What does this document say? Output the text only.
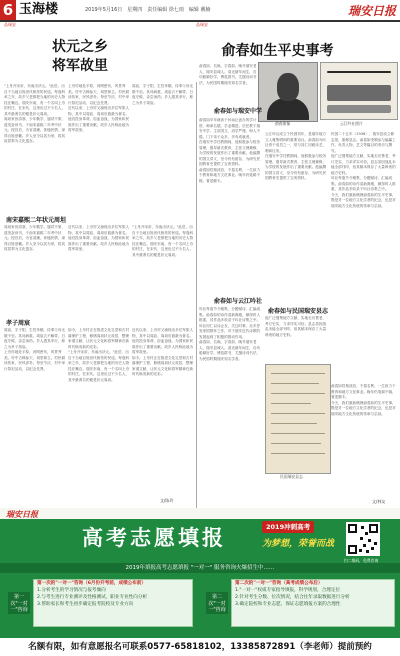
6 玉海楼	2019年5月16日　星期四　责任编辑 徐七雨　编辑 戴楠	瑞安日报
品瑞安	品瑞安
状元之乡
将军故里
俞春如生平史事考

"上舟开宋帝，东南出状元。"此语，出自于当地百姓世代相传的民谣。每逢科举之年，故乡父老都把当地的历史人物挂在嘴边。瑞安东南，有一个名叫上舟的村庄，在宋代，这里出过不少名人，其中最著名的便是状元周坦。

周坦家世清寒，少年勤学，屡试不第，遂发奋读书，于南宋嘉熙二年考中状元。授官后，为官清廉，体恤民情，深得百姓爱戴。乡人至今以其为荣，将其故居奉为文化遗存。

上舟村地处平原，河网密布，风景秀美。村中古樟参天，祠堂林立。村民耕读传家，民风淳朴。每至节庆，村中举行祭祀活动，以纪念先贤。

近代以来，上舟村又涌现出多位军旅人物，其中以周宸、周坦后裔最为著名。他们投身革命，浴血奋战，为国家和民族作出了重要贡献。故乡人民称此地为将军故里。

周宸，字子阳，生性孝顺，侍奉父母无微不至。其母病重，周宸衣不解带，日夜守候，亲尝汤药。乡人感其孝行，称之为孝子周宸。

南宋嘉熙二年状元周坦

周坦家世清寒，少年勤学，屡试不第，遂发奋读书，于南宋嘉熙二年考中状元。授官后，为官清廉，体恤民情，深得百姓爱戴。乡人至今以其为荣，将其故居奉为文化遗存。

近代以来，上舟村又涌现出多位军旅人物，其中以周宸、周坦后裔最为著名。他们投身革命，浴血奋战，为国家和民族作出了重要贡献。故乡人民称此地为将军故里。

"上舟开宋帝，东南出状元。"此语，出自于当地百姓世代相传的民谣。每逢科举之年，故乡父老都把当地的历史人物挂在嘴边。瑞安东南，有一个名叫上舟的村庄，在宋代，这里出过不少名人，其中最著名的便是状元周坦。

孝子周宸

周宸，字子阳，生性孝顺，侍奉父母无微不至。其母病重，周宸衣不解带，日夜守候，亲尝汤药。乡人感其孝行，称之为孝子周宸。

上舟村地处平原，河网密布，风景秀美。村中古樟参天，祠堂林立。村民耕读传家，民风淳朴。每至节庆，村中举行祭祀活动，以纪念先贤。

如今，上舟村正在推进文化礼堂和古村落保护工程，修缮周坦状元故居，整理家谱文献，让状元文化和将军精神在新时代焕发新的光彩。

"上舟开宋帝，东南出状元。"此语，出自于当地百姓世代相传的民谣。每逢科举之年，故乡父老都把当地的历史人物挂在嘴边。瑞安东南，有一个名叫上舟的村庄，在宋代，这里出过不少名人，其中最著名的便是状元周坦。

近代以来，上舟村又涌现出多位军旅人物，其中以周宸、周坦后裔最为著名。他们投身革命，浴血奋战，为国家和民族作出了重要贡献。故乡人民称此地为将军故里。

如今，上舟村正在推进文化礼堂和古村落保护工程，修缮周坦状元故居，整理家谱文献，让状元文化和将军精神在新时代焕发新的光彩。

文/陈玲

俞春如，名焕，字春如，晚号瑞安老人，瑞安县城人。清光绪年间生，自幼聪颖好学，博览群书，尤擅诗词书法，为民国时期瑞安知名学者。

俞春如像	云江吟社照片
俞春如与瑞安中学

俞春如早年就读于孙诒让创办的学计馆，师承名儒，学业精进。后任教于瑞安中学，主讲国文，治学严谨，诲人不倦，门下弟子众多，多有成就者。

在瑞安中学任教期间，他积极参与校务管理，倡导新式教育，主张文理兼修，为学校的发展作出了重要贡献。他编撰的国文讲义，至今仍有留存，为研究民国教育史提供了宝贵资料。

俞春如性格淡泊，不慕名利，一生致力于教育和地方文化事业。晚年仍笔耕不辍，著述颇丰。

云江吟社成立于民国初年，是瑞安地方文人雅集唱和的重要诗社。俞春如为吟社骨干成员之一，常与同仁切磋诗艺，唱和往来。

在瑞安中学任教期间，他积极参与校务管理，倡导新式教育，主张文理兼修，为学校的发展作出了重要贡献。他编撰的国文讲义，至今仍有留存，为研究民国教育史提供了宝贵资料。

民国二十五年（1936），瑞安县设立修志馆，重修县志。俞春如受聘参与编纂工作，负责人物、艺文等篇目的采访与撰写。

他广泛搜集地方文献，实地走访耆老，考订史实，力求详实可信。县志虽因战乱未能全部刊印，但其稿本保存了大量珍贵的地方史料。

吟社每逢节令雅集，分题赋诗，汇编成集。俞春如的诗作清新典雅，颇得时人推重，其作品多收录于吟社诗集之中。

今天，我们重新梳理俞春如的生平史事，既是对一位地方文化学者的纪念，也是对瑞安地方文化传统的传承与弘扬。

俞春如与云江吟社

吟社每逢节令雅集，分题赋诗，汇编成集。俞春如的诗作清新典雅，颇得时人推重，其作品多收录于吟社诗集之中。

吟社同仁以诗会友，关注时事，亦多抒发家国情怀之作，对于瑞安近代诗歌的发展起到了积极的推动作用。

俞春如，名焕，字春如，晚号瑞安老人，瑞安县城人。清光绪年间生，自幼聪颖好学，博览群书，尤擅诗词书法，为民国时期瑞安知名学者。

俞春如与民国瑞安县志

他广泛搜集地方文献，实地走访耆老，考订史实，力求详实可信。县志虽因战乱未能全部刊印，但其稿本保存了大量珍贵的地方史料。

民国瑞安县志

俞春如性格淡泊，不慕名利，一生致力于教育和地方文化事业。晚年仍笔耕不辍，著述颇丰。

今天，我们重新梳理俞春如的生平史事，既是对一位地方文化学者的纪念，也是对瑞安地方文化传统的传承与弘扬。

文/林友
瑞安日报
高考志愿填报	2019冲刺高考
为梦想，荣誉而战
扫二维码，免费咨询
2019年填报高考志愿填报 "一对一" 服务咨询火爆招生中……
第一次"一对一"咨询
第一次的"一对一"咨询（6月份开考前，成绩公布前）
1.分析考生的学习情况与报考倾向
2.与考生进行专业测评及性格测试，职业专业性向分析
3.帮助家长和考生初步确定报考院校及专业方向
第二次"一对一"咨询
第二次的"一对一"咨询（高考成绩公布后）
1."一对一"权威专家指导填报，科学规划，合理定位
2.针对考生分数、位次情况，结合往年录取数据进行分析
3.确定院校和专业志愿，保证志愿填报方案的合理性
名额有限，如有意愿报名可联系0577-65818102，13385872891（李老师）提前预约
